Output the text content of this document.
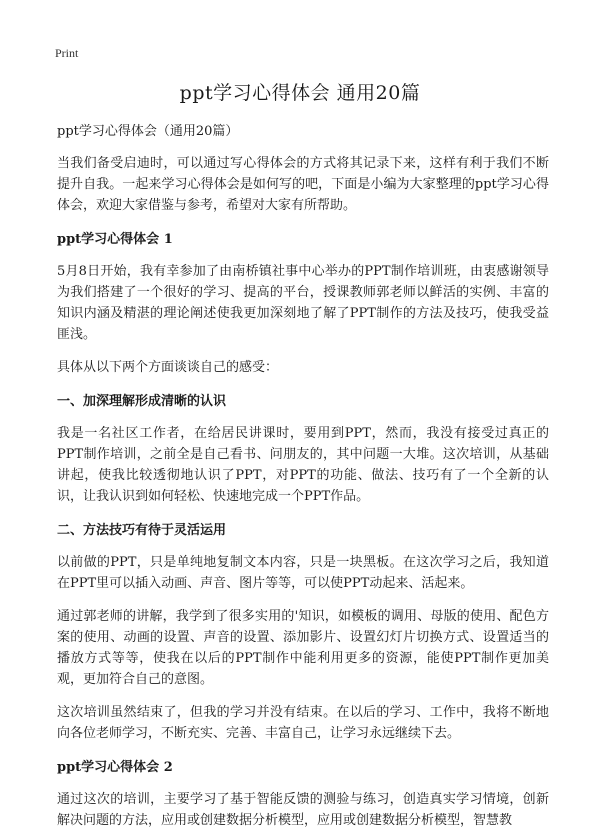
Print
ppt学习心得体会 通用20篇

ppt学习心得体会（通用20篇）

当我们备受启迪时，可以通过写心得体会的方式将其记录下来，这样有利于我们不断提升自我。一起来学习心得体会是如何写的吧，下面是小编为大家整理的ppt学习心得体会，欢迎大家借鉴与参考，希望对大家有所帮助。

ppt学习心得体会 1

5月8日开始，我有幸参加了由南桥镇社事中心举办的PPT制作培训班，由衷感谢领导为我们搭建了一个很好的学习、提高的平台，授课教师郭老师以鲜活的实例、丰富的知识内涵及精湛的理论阐述使我更加深刻地了解了PPT制作的方法及技巧，使我受益匪浅。

具体从以下两个方面谈谈自己的感受：

一、加深理解形成清晰的认识

我是一名社区工作者，在给居民讲课时，要用到PPT，然而，我没有接受过真正的PPT制作培训，之前全是自己看书、问朋友的，其中问题一大堆。这次培训，从基础讲起，使我比较透彻地认识了PPT，对PPT的功能、做法、技巧有了一个全新的认识，让我认识到如何轻松、快速地完成一个PPT作品。

二、方法技巧有待于灵活运用

以前做的PPT，只是单纯地复制文本内容，只是一块黑板。在这次学习之后，我知道在PPT里可以插入动画、声音、图片等等，可以使PPT动起来、活起来。

通过郭老师的讲解，我学到了很多实用的'知识，如模板的调用、母版的使用、配色方案的使用、动画的设置、声音的设置、添加影片、设置幻灯片切换方式、设置适当的播放方式等等，使我在以后的PPT制作中能利用更多的资源，能使PPT制作更加美观，更加符合自己的意图。

这次培训虽然结束了，但我的学习并没有结束。在以后的学习、工作中，我将不断地向各位老师学习，不断充实、完善、丰富自己，让学习永远继续下去。

ppt学习心得体会 2

通过这次的培训，主要学习了基于智能反馈的测验与练习，创造真实学习情境，创新解决问题的方法，应用或创建数据分析模型，应用或创建数据分析模型，智慧教
